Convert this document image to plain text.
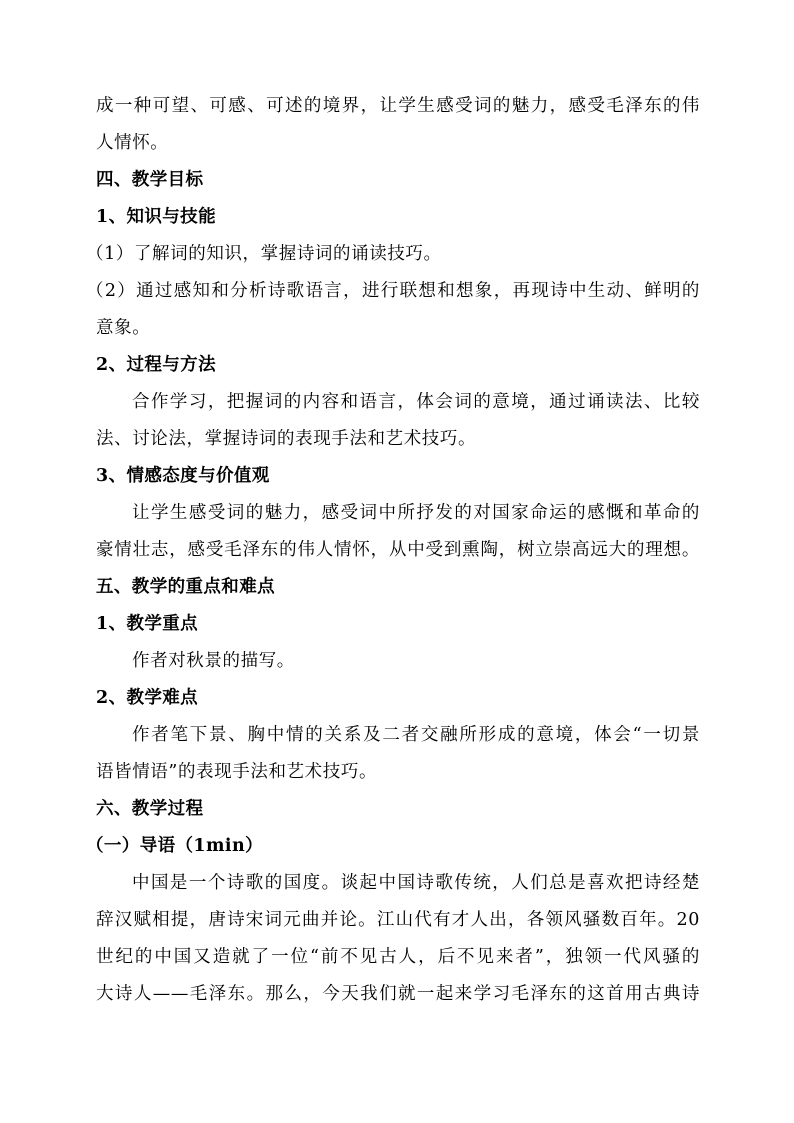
成一种可望、可感、可述的境界，让学生感受词的魅力，感受毛泽东的伟
人情怀。
四、教学目标
1、知识与技能
（1）了解词的知识，掌握诗词的诵读技巧。
（2）通过感知和分析诗歌语言，进行联想和想象，再现诗中生动、鲜明的
意象。
2、过程与方法
合作学习，把握词的内容和语言，体会词的意境，通过诵读法、比较
法、讨论法，掌握诗词的表现手法和艺术技巧。
3、情感态度与价值观
让学生感受词的魅力，感受词中所抒发的对国家命运的感慨和革命的
豪情壮志，感受毛泽东的伟人情怀，从中受到熏陶，树立崇高远大的理想。
五、教学的重点和难点
1、教学重点
作者对秋景的描写。
2、教学难点
作者笔下景、胸中情的关系及二者交融所形成的意境，体会“一切景
语皆情语”的表现手法和艺术技巧。
六、教学过程
（一）导语（1min）
中国是一个诗歌的国度。谈起中国诗歌传统，人们总是喜欢把诗经楚
辞汉赋相提，唐诗宋词元曲并论。江山代有才人出，各领风骚数百年。20
世纪的中国又造就了一位“前不见古人，后不见来者”，独领一代风骚的
大诗人——毛泽东。那么，今天我们就一起来学习毛泽东的这首用古典诗
